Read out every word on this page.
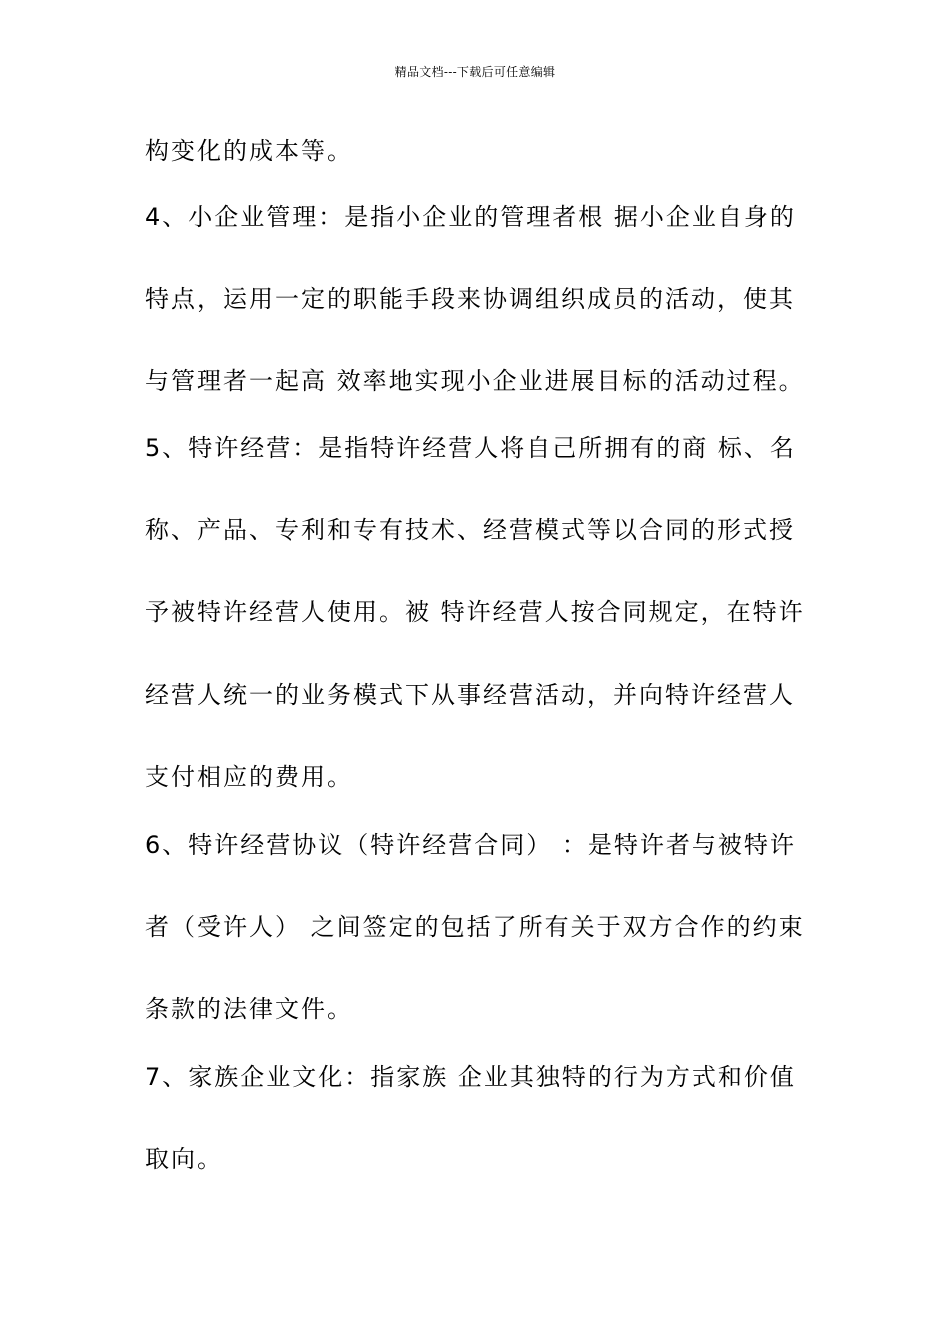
精品文档---下载后可任意编辑
构变化的成本等。
4、小企业管理：是指小企业的管理者根 据小企业自身的
特点，运用一定的职能手段来协调组织成员的活动，使其
与管理者一起高 效率地实现小企业进展目标的活动过程。
5、特许经营：是指特许经营人将自己所拥有的商 标、名
称、产品、专利和专有技术、经营模式等以合同的形式授
予被特许经营人使用。被 特许经营人按合同规定，在特许
经营人统一的业务模式下从事经营活动，并向特许经营人
支付相应的费用。
6、特许经营协议（特许经营合同） ：是特许者与被特许
者（受许人） 之间签定的包括了所有关于双方合作的约束
条款的法律文件。
7、家族企业文化：指家族 企业其独特的行为方式和价值
取向。
